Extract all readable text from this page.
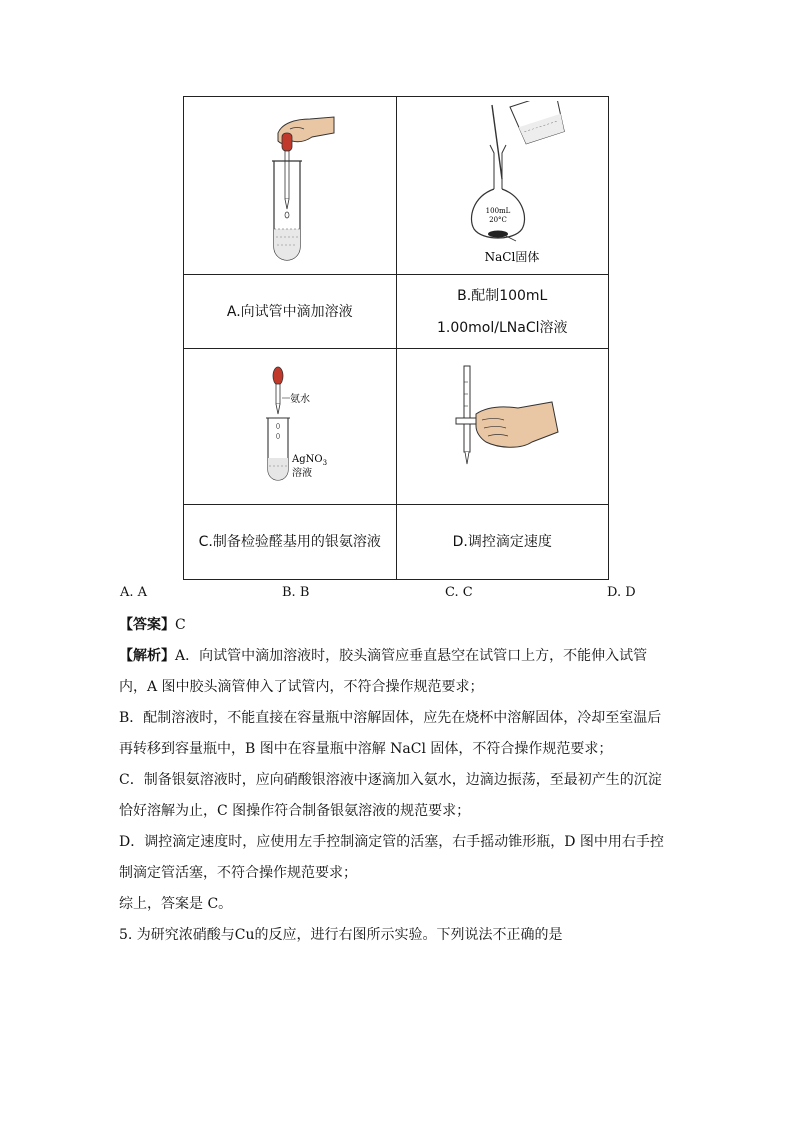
100mL
20°C
NaCl固体

A.向试管中滴加溶液	B.配制100mL 1.00mol/LNaCl溶液

氨水
AgNO$_3$
溶液

C.制备检验醛基用的银氨溶液	D.调控滴定速度
A. A	B. B	C. C	D. D

【答案】C

【解析】A．向试管中滴加溶液时，胶头滴管应垂直悬空在试管口上方，不能伸入试管

内，A 图中胶头滴管伸入了试管内，不符合操作规范要求；

B．配制溶液时，不能直接在容量瓶中溶解固体，应先在烧杯中溶解固体，冷却至室温后

再转移到容量瓶中，B 图中在容量瓶中溶解 NaCl 固体，不符合操作规范要求；

C．制备银氨溶液时，应向硝酸银溶液中逐滴加入氨水，边滴边振荡，至最初产生的沉淀

恰好溶解为止，C 图操作符合制备银氨溶液的规范要求；

D．调控滴定速度时，应使用左手控制滴定管的活塞，右手摇动锥形瓶，D 图中用右手控

制滴定管活塞，不符合操作规范要求；

综上，答案是 C。

5. 为研究浓硝酸与Cu的反应，进行右图所示实验。下列说法不正确的是
